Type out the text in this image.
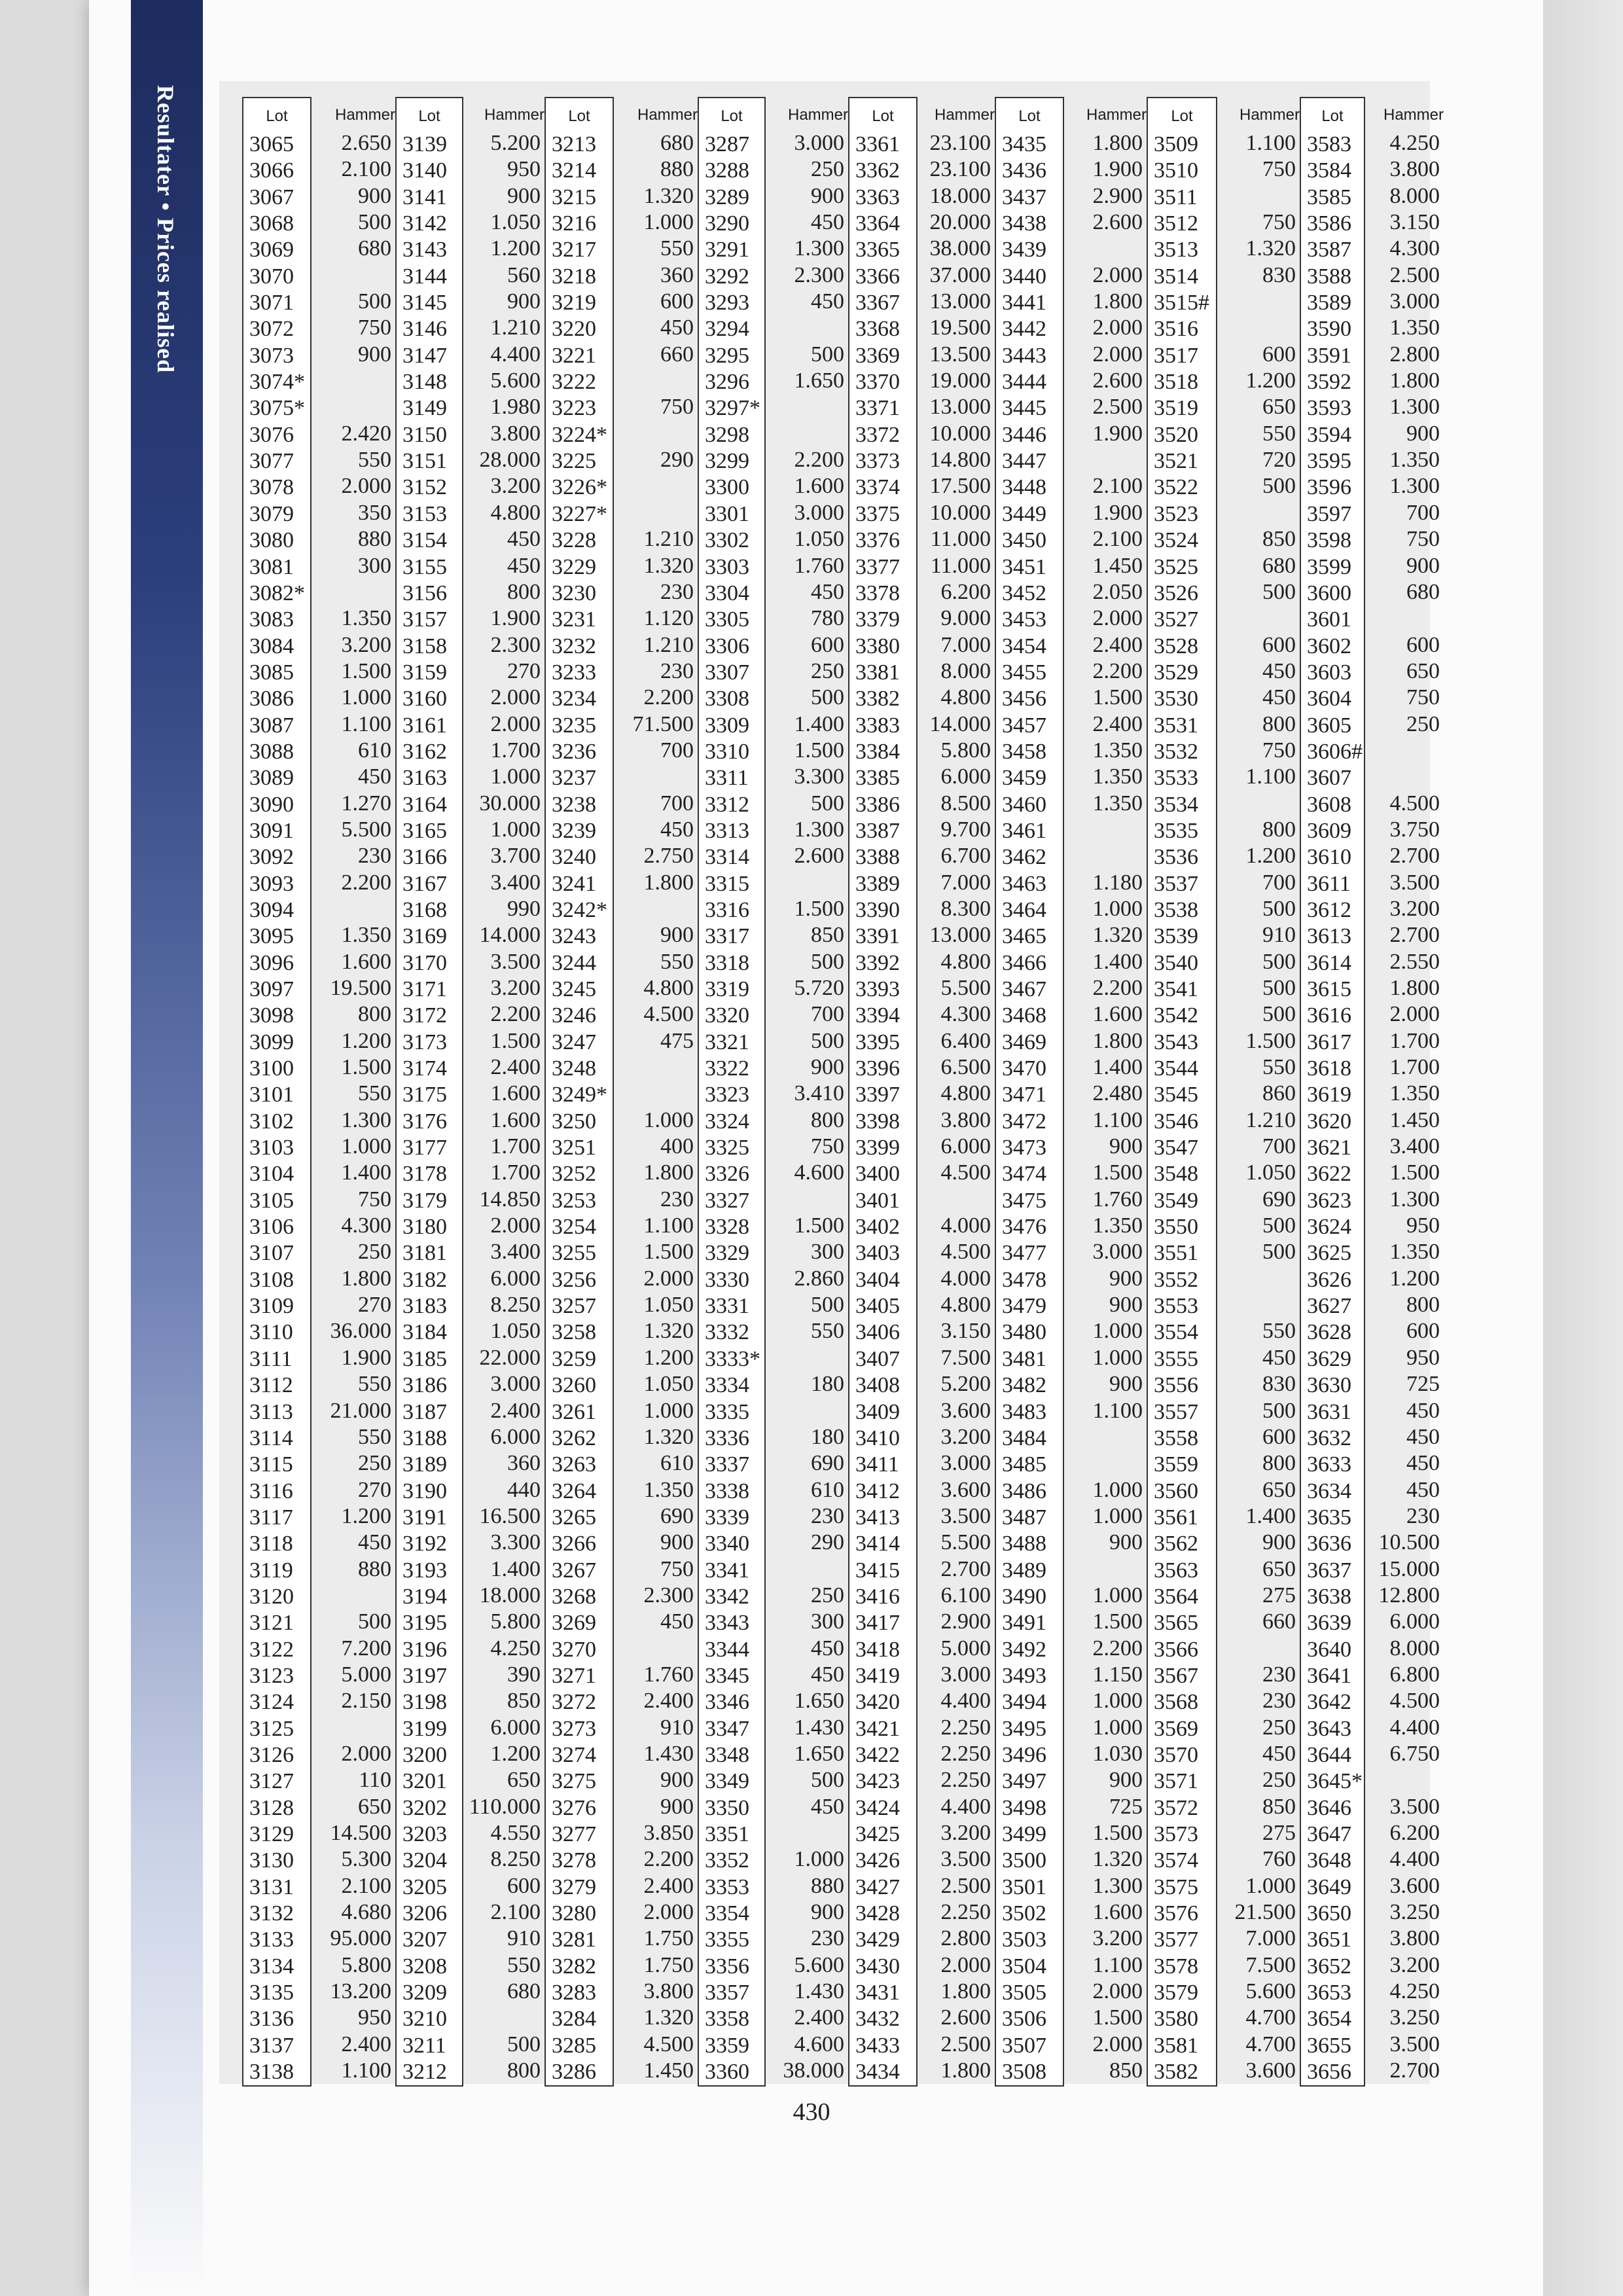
Resultater • Prices realised	Lot
3065
3066
3067
3068
3069
3070
3071
3072
3073
3074*
3075*
3076
3077
3078
3079
3080
3081
3082*
3083
3084
3085
3086
3087
3088
3089
3090
3091
3092
3093
3094
3095
3096
3097
3098
3099
3100
3101
3102
3103
3104
3105
3106
3107
3108
3109
3110
3111
3112
3113
3114
3115
3116
3117
3118
3119
3120
3121
3122
3123
3124
3125
3126
3127
3128
3129
3130
3131
3132
3133
3134
3135
3136
3137
3138
Hammer
2.650
2.100
900
500
680
500
750
900
2.420
550
2.000
350
880
300
1.350
3.200
1.500
1.000
1.100
610
450
1.270
5.500
230
2.200
1.350
1.600
19.500
800
1.200
1.500
550
1.300
1.000
1.400
750
4.300
250
1.800
270
36.000
1.900
550
21.000
550
250
270
1.200
450
880
500
7.200
5.000
2.150
2.000
110
650
14.500
5.300
2.100
4.680
95.000
5.800
13.200
950
2.400
1.100
Lot
3139
3140
3141
3142
3143
3144
3145
3146
3147
3148
3149
3150
3151
3152
3153
3154
3155
3156
3157
3158
3159
3160
3161
3162
3163
3164
3165
3166
3167
3168
3169
3170
3171
3172
3173
3174
3175
3176
3177
3178
3179
3180
3181
3182
3183
3184
3185
3186
3187
3188
3189
3190
3191
3192
3193
3194
3195
3196
3197
3198
3199
3200
3201
3202
3203
3204
3205
3206
3207
3208
3209
3210
3211
3212
Hammer
5.200
950
900
1.050
1.200
560
900
1.210
4.400
5.600
1.980
3.800
28.000
3.200
4.800
450
450
800
1.900
2.300
270
2.000
2.000
1.700
1.000
30.000
1.000
3.700
3.400
990
14.000
3.500
3.200
2.200
1.500
2.400
1.600
1.600
1.700
1.700
14.850
2.000
3.400
6.000
8.250
1.050
22.000
3.000
2.400
6.000
360
440
16.500
3.300
1.400
18.000
5.800
4.250
390
850
6.000
1.200
650
110.000
4.550
8.250
600
2.100
910
550
680
500
800
Lot
3213
3214
3215
3216
3217
3218
3219
3220
3221
3222
3223
3224*
3225
3226*
3227*
3228
3229
3230
3231
3232
3233
3234
3235
3236
3237
3238
3239
3240
3241
3242*
3243
3244
3245
3246
3247
3248
3249*
3250
3251
3252
3253
3254
3255
3256
3257
3258
3259
3260
3261
3262
3263
3264
3265
3266
3267
3268
3269
3270
3271
3272
3273
3274
3275
3276
3277
3278
3279
3280
3281
3282
3283
3284
3285
3286
Hammer
680
880
1.320
1.000
550
360
600
450
660
750
290
1.210
1.320
230
1.120
1.210
230
2.200
71.500
700
700
450
2.750
1.800
900
550
4.800
4.500
475
1.000
400
1.800
230
1.100
1.500
2.000
1.050
1.320
1.200
1.050
1.000
1.320
610
1.350
690
900
750
2.300
450
1.760
2.400
910
1.430
900
900
3.850
2.200
2.400
2.000
1.750
1.750
3.800
1.320
4.500
1.450
Lot
3287
3288
3289
3290
3291
3292
3293
3294
3295
3296
3297*
3298
3299
3300
3301
3302
3303
3304
3305
3306
3307
3308
3309
3310
3311
3312
3313
3314
3315
3316
3317
3318
3319
3320
3321
3322
3323
3324
3325
3326
3327
3328
3329
3330
3331
3332
3333*
3334
3335
3336
3337
3338
3339
3340
3341
3342
3343
3344
3345
3346
3347
3348
3349
3350
3351
3352
3353
3354
3355
3356
3357
3358
3359
3360
Hammer
3.000
250
900
450
1.300
2.300
450
500
1.650
2.200
1.600
3.000
1.050
1.760
450
780
600
250
500
1.400
1.500
3.300
500
1.300
2.600
1.500
850
500
5.720
700
500
900
3.410
800
750
4.600
1.500
300
2.860
500
550
180
180
690
610
230
290
250
300
450
450
1.650
1.430
1.650
500
450
1.000
880
900
230
5.600
1.430
2.400
4.600
38.000
Lot
3361
3362
3363
3364
3365
3366
3367
3368
3369
3370
3371
3372
3373
3374
3375
3376
3377
3378
3379
3380
3381
3382
3383
3384
3385
3386
3387
3388
3389
3390
3391
3392
3393
3394
3395
3396
3397
3398
3399
3400
3401
3402
3403
3404
3405
3406
3407
3408
3409
3410
3411
3412
3413
3414
3415
3416
3417
3418
3419
3420
3421
3422
3423
3424
3425
3426
3427
3428
3429
3430
3431
3432
3433
3434
Hammer
23.100
23.100
18.000
20.000
38.000
37.000
13.000
19.500
13.500
19.000
13.000
10.000
14.800
17.500
10.000
11.000
11.000
6.200
9.000
7.000
8.000
4.800
14.000
5.800
6.000
8.500
9.700
6.700
7.000
8.300
13.000
4.800
5.500
4.300
6.400
6.500
4.800
3.800
6.000
4.500
4.000
4.500
4.000
4.800
3.150
7.500
5.200
3.600
3.200
3.000
3.600
3.500
5.500
2.700
6.100
2.900
5.000
3.000
4.400
2.250
2.250
2.250
4.400
3.200
3.500
2.500
2.250
2.800
2.000
1.800
2.600
2.500
1.800
Lot
3435
3436
3437
3438
3439
3440
3441
3442
3443
3444
3445
3446
3447
3448
3449
3450
3451
3452
3453
3454
3455
3456
3457
3458
3459
3460
3461
3462
3463
3464
3465
3466
3467
3468
3469
3470
3471
3472
3473
3474
3475
3476
3477
3478
3479
3480
3481
3482
3483
3484
3485
3486
3487
3488
3489
3490
3491
3492
3493
3494
3495
3496
3497
3498
3499
3500
3501
3502
3503
3504
3505
3506
3507
3508
Hammer
1.800
1.900
2.900
2.600
2.000
1.800
2.000
2.000
2.600
2.500
1.900
2.100
1.900
2.100
1.450
2.050
2.000
2.400
2.200
1.500
2.400
1.350
1.350
1.350
1.180
1.000
1.320
1.400
2.200
1.600
1.800
1.400
2.480
1.100
900
1.500
1.760
1.350
3.000
900
900
1.000
1.000
900
1.100
1.000
1.000
900
1.000
1.500
2.200
1.150
1.000
1.000
1.030
900
725
1.500
1.320
1.300
1.600
3.200
1.100
2.000
1.500
2.000
850
Lot
3509
3510
3511
3512
3513
3514
3515#
3516
3517
3518
3519
3520
3521
3522
3523
3524
3525
3526
3527
3528
3529
3530
3531
3532
3533
3534
3535
3536
3537
3538
3539
3540
3541
3542
3543
3544
3545
3546
3547
3548
3549
3550
3551
3552
3553
3554
3555
3556
3557
3558
3559
3560
3561
3562
3563
3564
3565
3566
3567
3568
3569
3570
3571
3572
3573
3574
3575
3576
3577
3578
3579
3580
3581
3582
Hammer
1.100
750
750
1.320
830
600
1.200
650
550
720
500
850
680
500
600
450
450
800
750
1.100
800
1.200
700
500
910
500
500
500
1.500
550
860
1.210
700
1.050
690
500
500
550
450
830
500
600
800
650
1.400
900
650
275
660
230
230
250
450
250
850
275
760
1.000
21.500
7.000
7.500
5.600
4.700
4.700
3.600
Lot
3583
3584
3585
3586
3587
3588
3589
3590
3591
3592
3593
3594
3595
3596
3597
3598
3599
3600
3601
3602
3603
3604
3605
3606#
3607
3608
3609
3610
3611
3612
3613
3614
3615
3616
3617
3618
3619
3620
3621
3622
3623
3624
3625
3626
3627
3628
3629
3630
3631
3632
3633
3634
3635
3636
3637
3638
3639
3640
3641
3642
3643
3644
3645*
3646
3647
3648
3649
3650
3651
3652
3653
3654
3655
3656
Hammer
4.250
3.800
8.000
3.150
4.300
2.500
3.000
1.350
2.800
1.800
1.300
900
1.350
1.300
700
750
900
680
600
650
750
250
4.500
3.750
2.700
3.500
3.200
2.700
2.550
1.800
2.000
1.700
1.700
1.350
1.450
3.400
1.500
1.300
950
1.350
1.200
800
600
950
725
450
450
450
450
230
10.500
15.000
12.800
6.000
8.000
6.800
4.500
4.400
6.750
3.500
6.200
4.400
3.600
3.250
3.800
3.200
4.250
3.250
3.500
2.700
430
